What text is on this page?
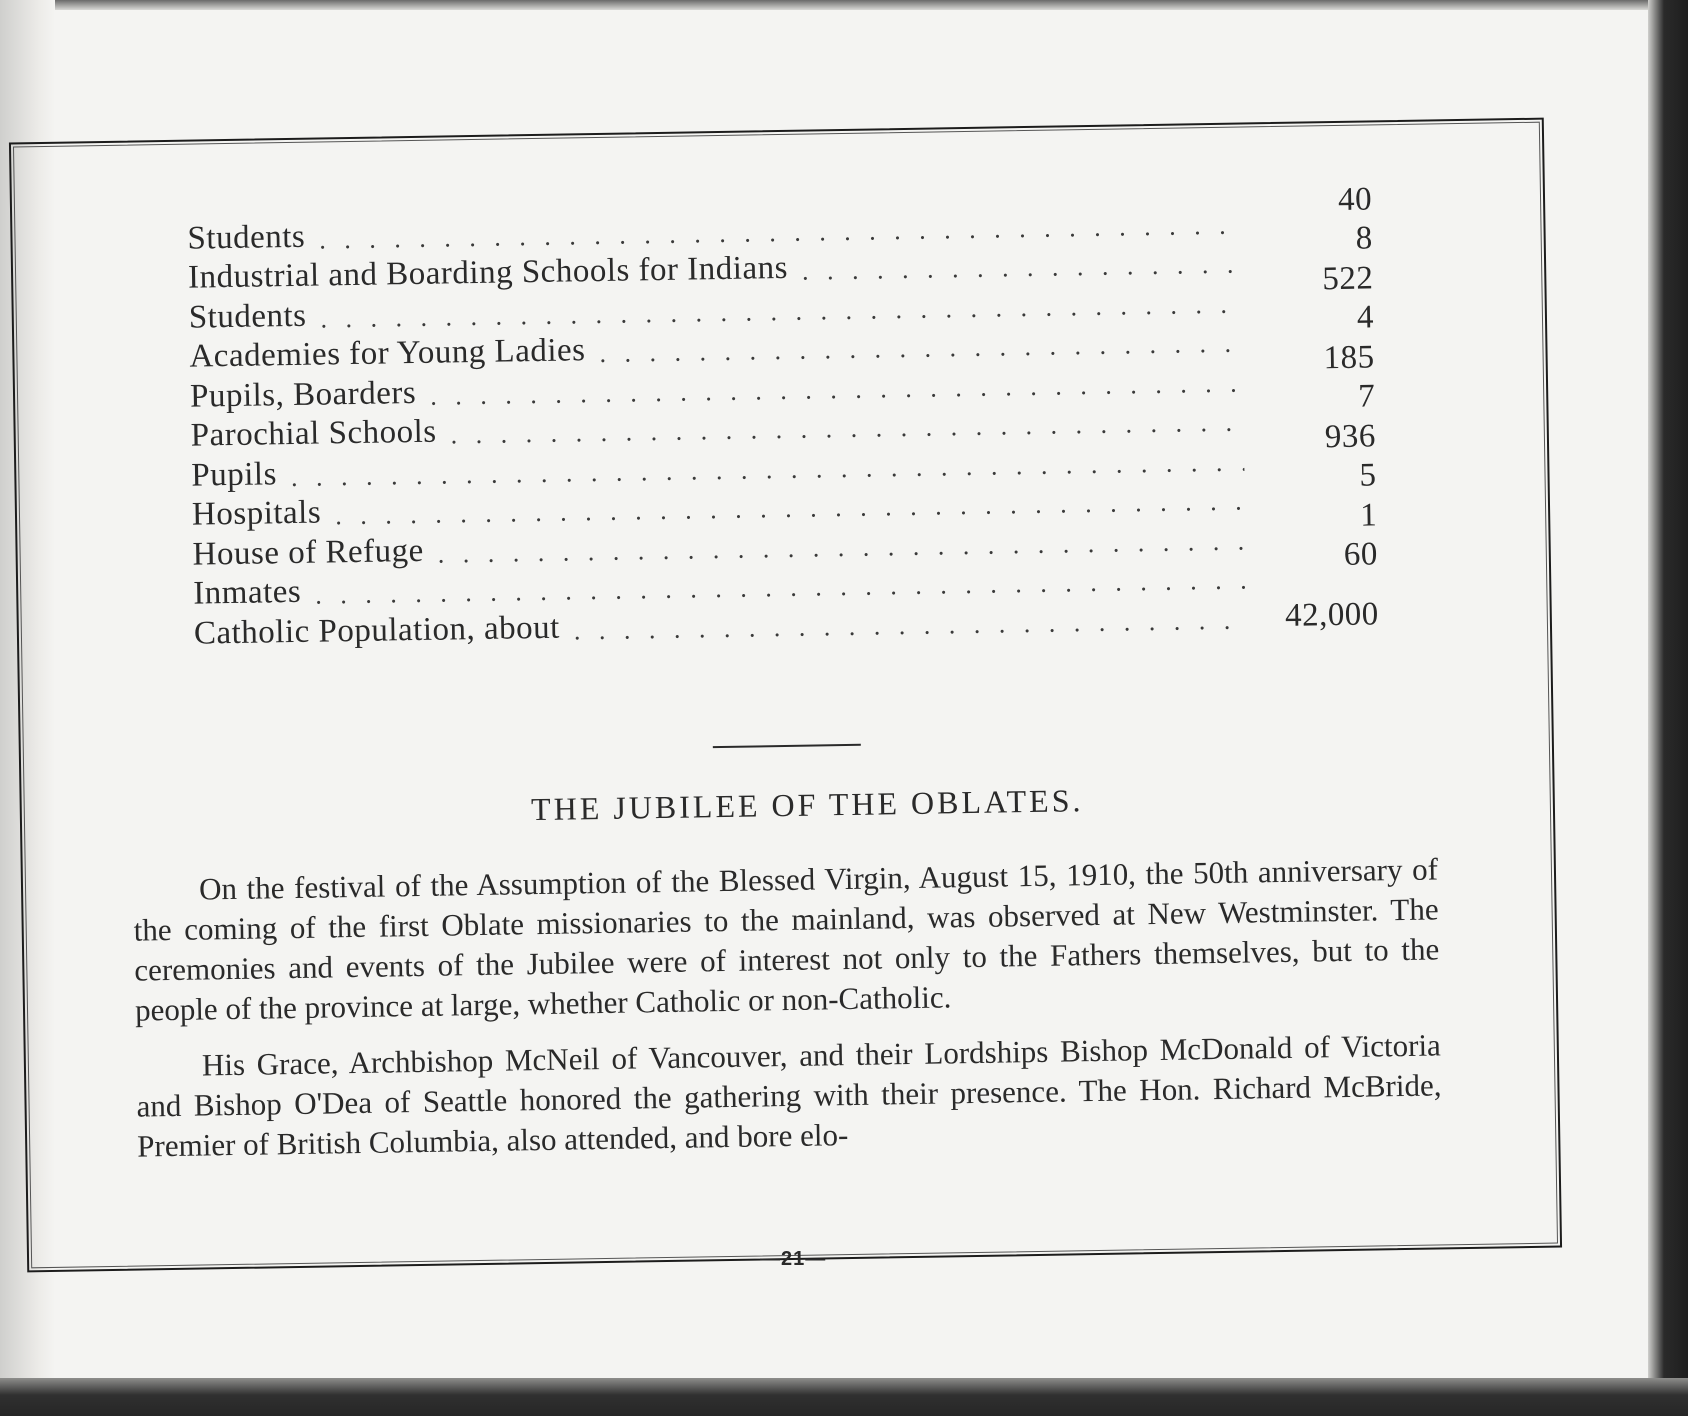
Students
. . .
40
Industrial and Boarding Schools for Indians
. . .
8
Students
. . .
522
Academies for Young Ladies
. . .
4
Pupils, Boarders
. . .
185
Parochial Schools
. . .
7
Pupils
. . .
936
Hospitals
. . .
5
House of Refuge
. . .
1
Inmates
. . .
60
Catholic Population, about
. . .	42,000
THE JUBILEE OF THE OBLATES.

On the festival of the Assumption of the Blessed Virgin, August 15, 1910, the 50th anniversary of the coming of the first Oblate missionaries to the mainland, was observed at New Westminster. The ceremonies and events of the Jubilee were of interest not only to the Fathers themselves, but to the people of the province at large, whether Catholic or non-Catholic.

His Grace, Archbishop McNeil of Vancouver, and their Lordships Bishop McDonald of Victoria and Bishop O'Dea of Seattle honored the gathering with their presence. The Hon. Richard McBride, Premier of British Columbia, also attended, and bore elo-

—21—
